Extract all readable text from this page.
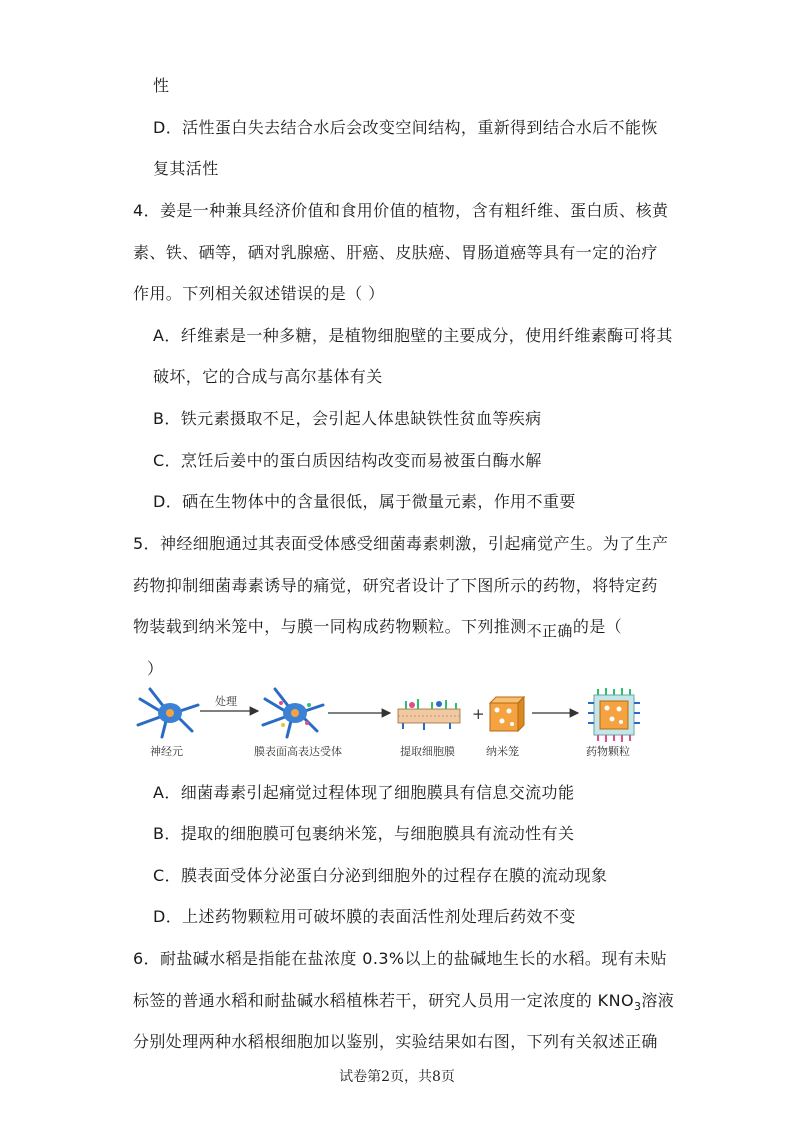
性
D．活性蛋白失去结合水后会改变空间结构，重新得到结合水后不能恢
复其活性
4．姜是一种兼具经济价值和食用价值的植物，含有粗纤维、蛋白质、核黄
素、铁、硒等，硒对乳腺癌、肝癌、皮肤癌、胃肠道癌等具有一定的治疗
作用。下列相关叙述错误的是（ ）
A．纤维素是一种多糖，是植物细胞壁的主要成分，使用纤维素酶可将其
破坏，它的合成与高尔基体有关
B．铁元素摄取不足，会引起人体患缺铁性贫血等疾病
C．烹饪后姜中的蛋白质因结构改变而易被蛋白酶水解
D．硒在生物体中的含量很低，属于微量元素，作用不重要
5．神经细胞通过其表面受体感受细菌毒素刺激，引起痛觉产生。为了生产
药物抑制细菌毒素诱导的痛觉，研究者设计了下图所示的药物，将特定药
物装载到纳米笼中，与膜一同构成药物颗粒。下列推测不正确的是（
）
+
处理
神经元	膜表面高表达受体	提取细胞膜	纳米笼	药物颗粒
A．细菌毒素引起痛觉过程体现了细胞膜具有信息交流功能
B．提取的细胞膜可包裹纳米笼，与细胞膜具有流动性有关
C．膜表面受体分泌蛋白分泌到细胞外的过程存在膜的流动现象
D．上述药物颗粒用可破坏膜的表面活性剂处理后药效不变
6．耐盐碱水稻是指能在盐浓度 0.3%以上的盐碱地生长的水稻。现有未贴
标签的普通水稻和耐盐碱水稻植株若干，研究人员用一定浓度的 $KNO_3$溶液
分别处理两种水稻根细胞加以鉴别，实验结果如右图，下列有关叙述正确
试卷第2页，共8页
